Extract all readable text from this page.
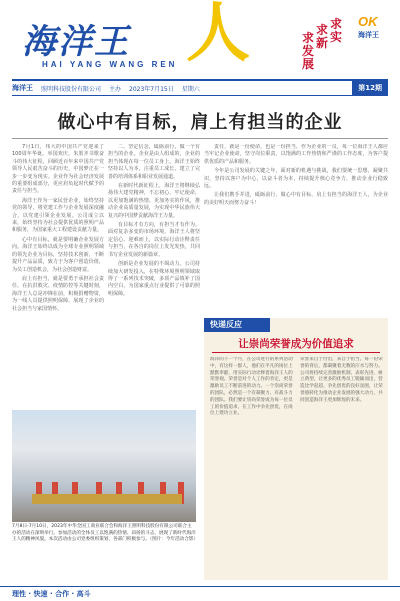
海洋王 人
HAI YANG WANG REN
求实
求新
求发展
OK
海洋王
海洋王 照明科技股份有限公司 主办 2023年7月15日 星期六	第12期
做心中有目标，肩上有担当的企业

7月1日，伟大的中国共产党迎来了100周年华诞。举国欢庆，朱墨齐书歌奋斗的伟大征程，回顾近百年来中国共产党领导人民艰苦奋斗的历史，中国梦正在一步一步变为现实。企业作为社会经济发展的重要组成部分，更应肩负起时代赋予的责任与担当。

海洋王作为一家民营企业，始终坚持党的领导，将党建工作与企业发展深度融合，以党建引领企业发展。公司成立以来，始终坚持为社会提供优质的照明产品和服务，为国家重大工程建设贡献力量。

心中有目标，就是要明确企业发展方向。海洋王始终以成为全球专业照明领域的领先企业为目标，坚持技术创新，不断提升产品品质，致力于为客户创造价值，为员工创造机会，为社会创造财富。

肩上有担当，就是要勇于承担社会责任。在抗洪救灾、疫情防控等关键时刻，海洋王人总是冲锋在前，积极捐赠物资，为一线人员提供照明保障，展现了企业的社会担当与家国情怀。

二、坚定信念，砥砺前行，做一个有担当的企业。企业是由人组成的，企业的担当体现在每一位员工身上。海洋王始终坚持以人为本，注重员工成长，建立了完善的培训体系和职业发展通道。

在新时代新征程上，海洋王将继续弘扬伟大建党精神，不忘初心、牢记使命，以更加饱满的热情、更加务实的作风，推动企业高质量发展，为实现中华民族伟大复兴的中国梦贡献海洋王力量。

有目标才有方向，有担当才有作为。面对复杂多变的市场环境，海洋王人将坚定信心、迎难而上，以实际行动诠释责任与担当，在各自的岗位上发光发热，共同书写企业发展的新篇章。

创新是企业发展的不竭动力。公司持续加大研发投入，在特殊环境照明领域取得了一系列技术突破，多项产品填补了国内空白，为国家重点行业提供了可靠的照明保障。

责任，就是一份使命，也是一份担当。作为企业的一员，每一位海洋王人都应当牢记企业使命，坚守岗位职责，以饱满的工作热情和严谨的工作态度，为客户提供优质的产品和服务。

今年是公司发展的关键之年，面对新的机遇与挑战，我们要统一思想、凝聚共识，坚持以客户为中心，以奋斗者为本，持续提升核心竞争力，推动企业行稳致远。

让我们携手并进，砥砺前行，做心中有目标、肩上有担当的海洋王人，为企业的美好明天而努力奋斗！

7月8日-7月10日，2023年中华全国工商业联合会和海洋王照明科技股份有限公司联合主办的活动在深圳举行。参加活动的全体员工以饱满的热情、昂扬的斗志，展现了新时代海洋王人的精神风貌。本次活动由公司党委组织策划，各部门积极参与。（图片：今年活动合影）
快递反应
让崇尚荣誉成为价值追求
海洋的下一个月，在公司进行的系列活动中，有这样一群人，他们在平凡的岗位上默默奉献，用实际行动诠释着海洋王人的荣誉观。荣誉是对个人工作的肯定，更是激励员工不断前进的动力。一个崇尚荣誉的团队，必然是一个有凝聚力、有战斗力的团队。我们要让崇尚荣誉成为每一位员工的价值追求，在工作中争先创优，在岗位上建功立业。
荣誉来自于付出，来自于担当。每一份荣誉的背后，都凝聚着无数的汗水与努力。公司将持续完善激励机制，表彰先进、树立典型，让更多的优秀员工脱颖而出，营造比学赶超、争先创优的良好氛围，让荣誉感转化为推动企业发展的强大动力，共同创造海洋王更加辉煌的未来。
理性 · 快速 · 合作 · 高斗
